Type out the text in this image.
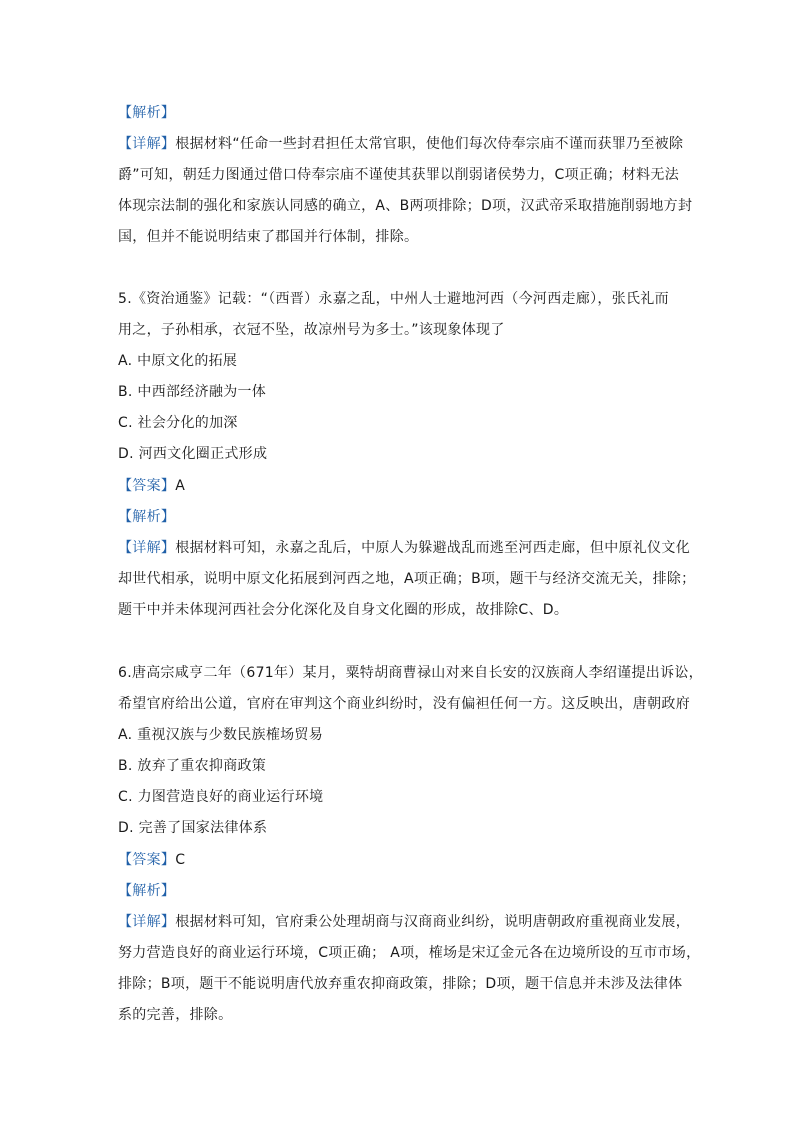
【解析】
【详解】根据材料“任命一些封君担任太常官职，使他们每次侍奉宗庙不谨而获罪乃至被除
爵”可知，朝廷力图通过借口侍奉宗庙不谨使其获罪以削弱诸侯势力，C项正确；材料无法
体现宗法制的强化和家族认同感的确立，A、B两项排除；D项，汉武帝采取措施削弱地方封
国，但并不能说明结束了郡国并行体制，排除。
5.《资治通鉴》记载：“（西晋）永嘉之乱，中州人士避地河西（今河西走廊），张氏礼而
用之，子孙相承，衣冠不坠，故凉州号为多士。”该现象体现了
A. 中原文化的拓展
B. 中西部经济融为一体
C. 社会分化的加深
D. 河西文化圈正式形成
【答案】A
【解析】
【详解】根据材料可知，永嘉之乱后，中原人为躲避战乱而逃至河西走廊，但中原礼仪文化
却世代相承，说明中原文化拓展到河西之地，A项正确；B项，题干与经济交流无关，排除；
题干中并未体现河西社会分化深化及自身文化圈的形成，故排除C、D。
6.唐高宗咸亨二年（671年）某月，粟特胡商曹禄山对来自长安的汉族商人李绍谨提出诉讼，
希望官府给出公道，官府在审判这个商业纠纷时，没有偏袒任何一方。这反映出，唐朝政府
A. 重视汉族与少数民族榷场贸易
B. 放弃了重农抑商政策
C. 力图营造良好的商业运行环境
D. 完善了国家法律体系
【答案】C
【解析】
【详解】根据材料可知，官府秉公处理胡商与汉商商业纠纷，说明唐朝政府重视商业发展，
努力营造良好的商业运行环境，C项正确； A项，榷场是宋辽金元各在边境所设的互市市场，
排除；B项，题干不能说明唐代放弃重农抑商政策，排除；D项，题干信息并未涉及法律体
系的完善，排除。
